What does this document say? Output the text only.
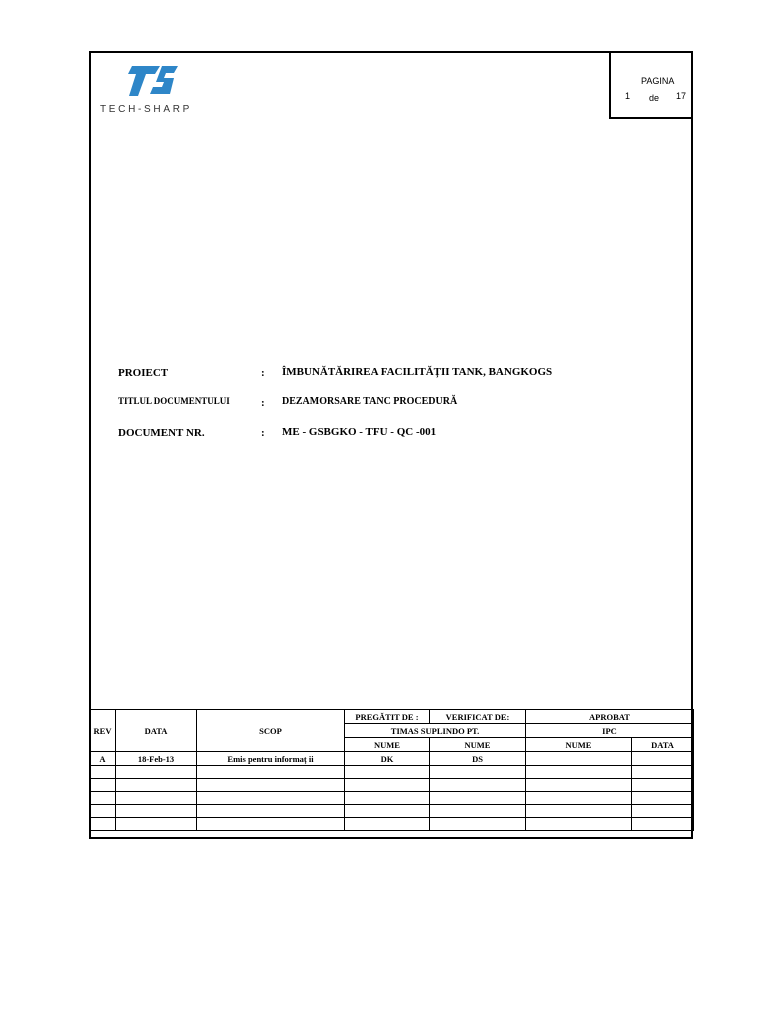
TECH-SHARP
PAGINA
1 de 17
PROIECT	: ÎMBUNĂTĂRIREA FACILITĂȚII TANK, BANGKOGS
TITLUL DOCUMENTULUI	: DEZAMORSARE TANC PROCEDURĂ
DOCUMENT NR.	: ME - GSBGKO - TFU - QC -001
REV	DATA	SCOP	PREGĂTIT DE :	VERIFICAT DE:	APROBAT	
			TIMAS SUPLINDO PT.		IPC	
			NUME	NUME	NUME	DATA
A	18-Feb-13	Emis pentru informaț ii	DK	DS		
